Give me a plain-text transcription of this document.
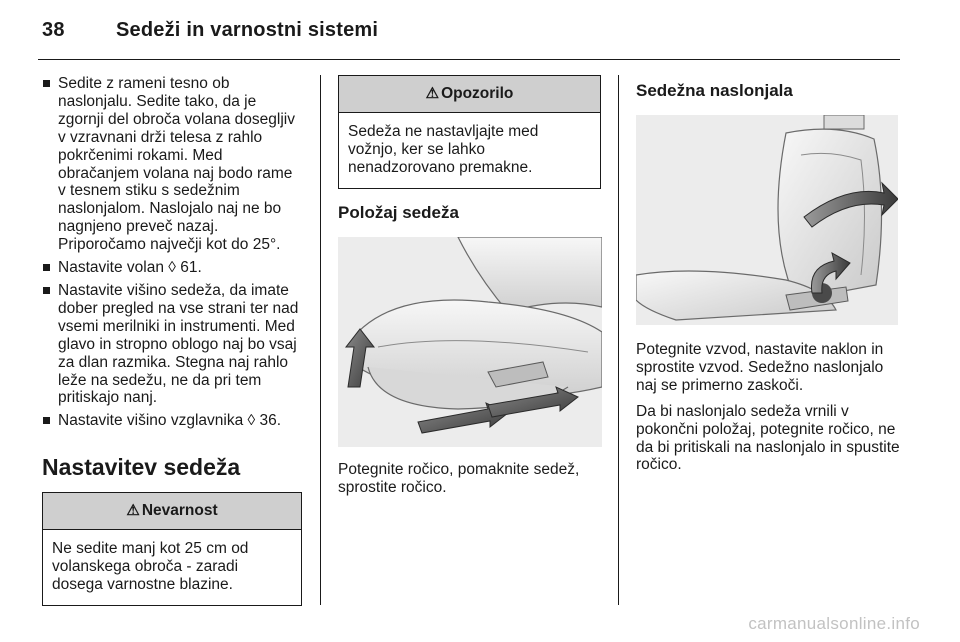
38	Sedeži in varnostni sistemi
Sedite z rameni tesno ob naslonjalu. Sedite tako, da je zgornji del obroča volana dosegljiv v vzravnani drži telesa z rahlo pokrčenimi rokami. Med obračanjem volana naj bodo rame v tesnem stiku s sedežnim naslonjalom. Naslojalo naj ne bo nagnjeno preveč nazaj. Priporočamo največji kot do 25°.
Nastavite volan ◊ 61.
Nastavite višino sedeža, da imate dober pregled na vse strani ter nad vsemi merilniki in instrumenti. Med glavo in stropno oblogo naj bo vsaj za dlan razmika. Stegna naj rahlo leže na sedežu, ne da pri tem pritiskajo nanj.
Nastavite višino vzglavnika ◊ 36.
Nastavitev sedeža
⚠ Nevarnost
Ne sedite manj kot 25 cm od volanskega obroča - zaradi dosega varnostne blazine.
⚠ Opozorilo
Sedeža ne nastavljajte med vožnjo, ker se lahko nenadzorovano premakne.
Položaj sedeža
Potegnite ročico, pomaknite sedež, sprostite ročico.
Sedežna naslonjala

Potegnite vzvod, nastavite naklon in sprostite vzvod. Sedežno naslonjalo naj se primerno zaskoči.

Da bi naslonjalo sedeža vrnili v pokončni položaj, potegnite ročico, ne da bi pritiskali na naslonjalo in spustite ročico.

carmanualsonline.info
